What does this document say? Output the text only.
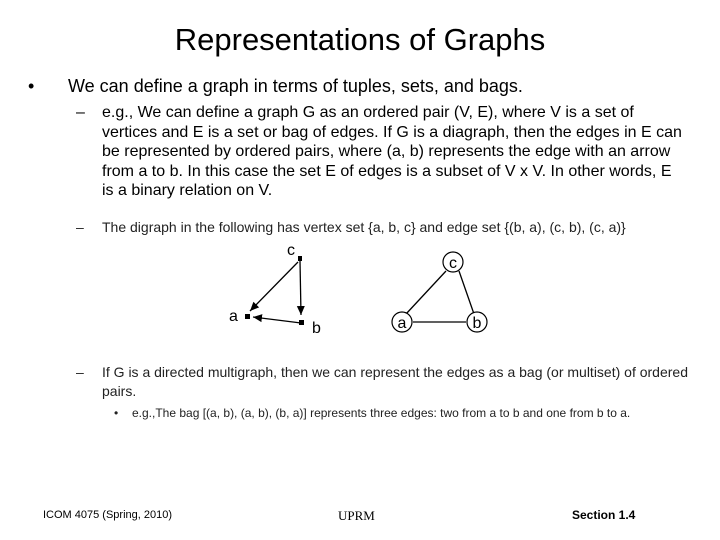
Representations of Graphs
• We can define a graph in terms of tuples, sets, and bags.
– e.g., We can define a graph G as an ordered pair (V, E), where V is a set of vertices and E is a set or bag of edges. If G is a diagraph, then the edges in E can be represented by ordered pairs, where (a, b) represents the edge with an arrow from a to b. In this case the set E of edges is a subset of V x V. In other words, E is a binary relation on V.
– The digraph in the following has vertex set {a, b, c} and edge set {(b, a), (c, b), (c, a)}
c
a
b
c
a	b
– If G is a directed multigraph, then we can represent the edges as a bag (or multiset) of ordered pairs.
• e.g.,The bag [(a, b), (a, b), (b, a)] represents three edges: two from a to b and one from b to a.
ICOM 4075 (Spring, 2010)	UPRM	Section 1.4
